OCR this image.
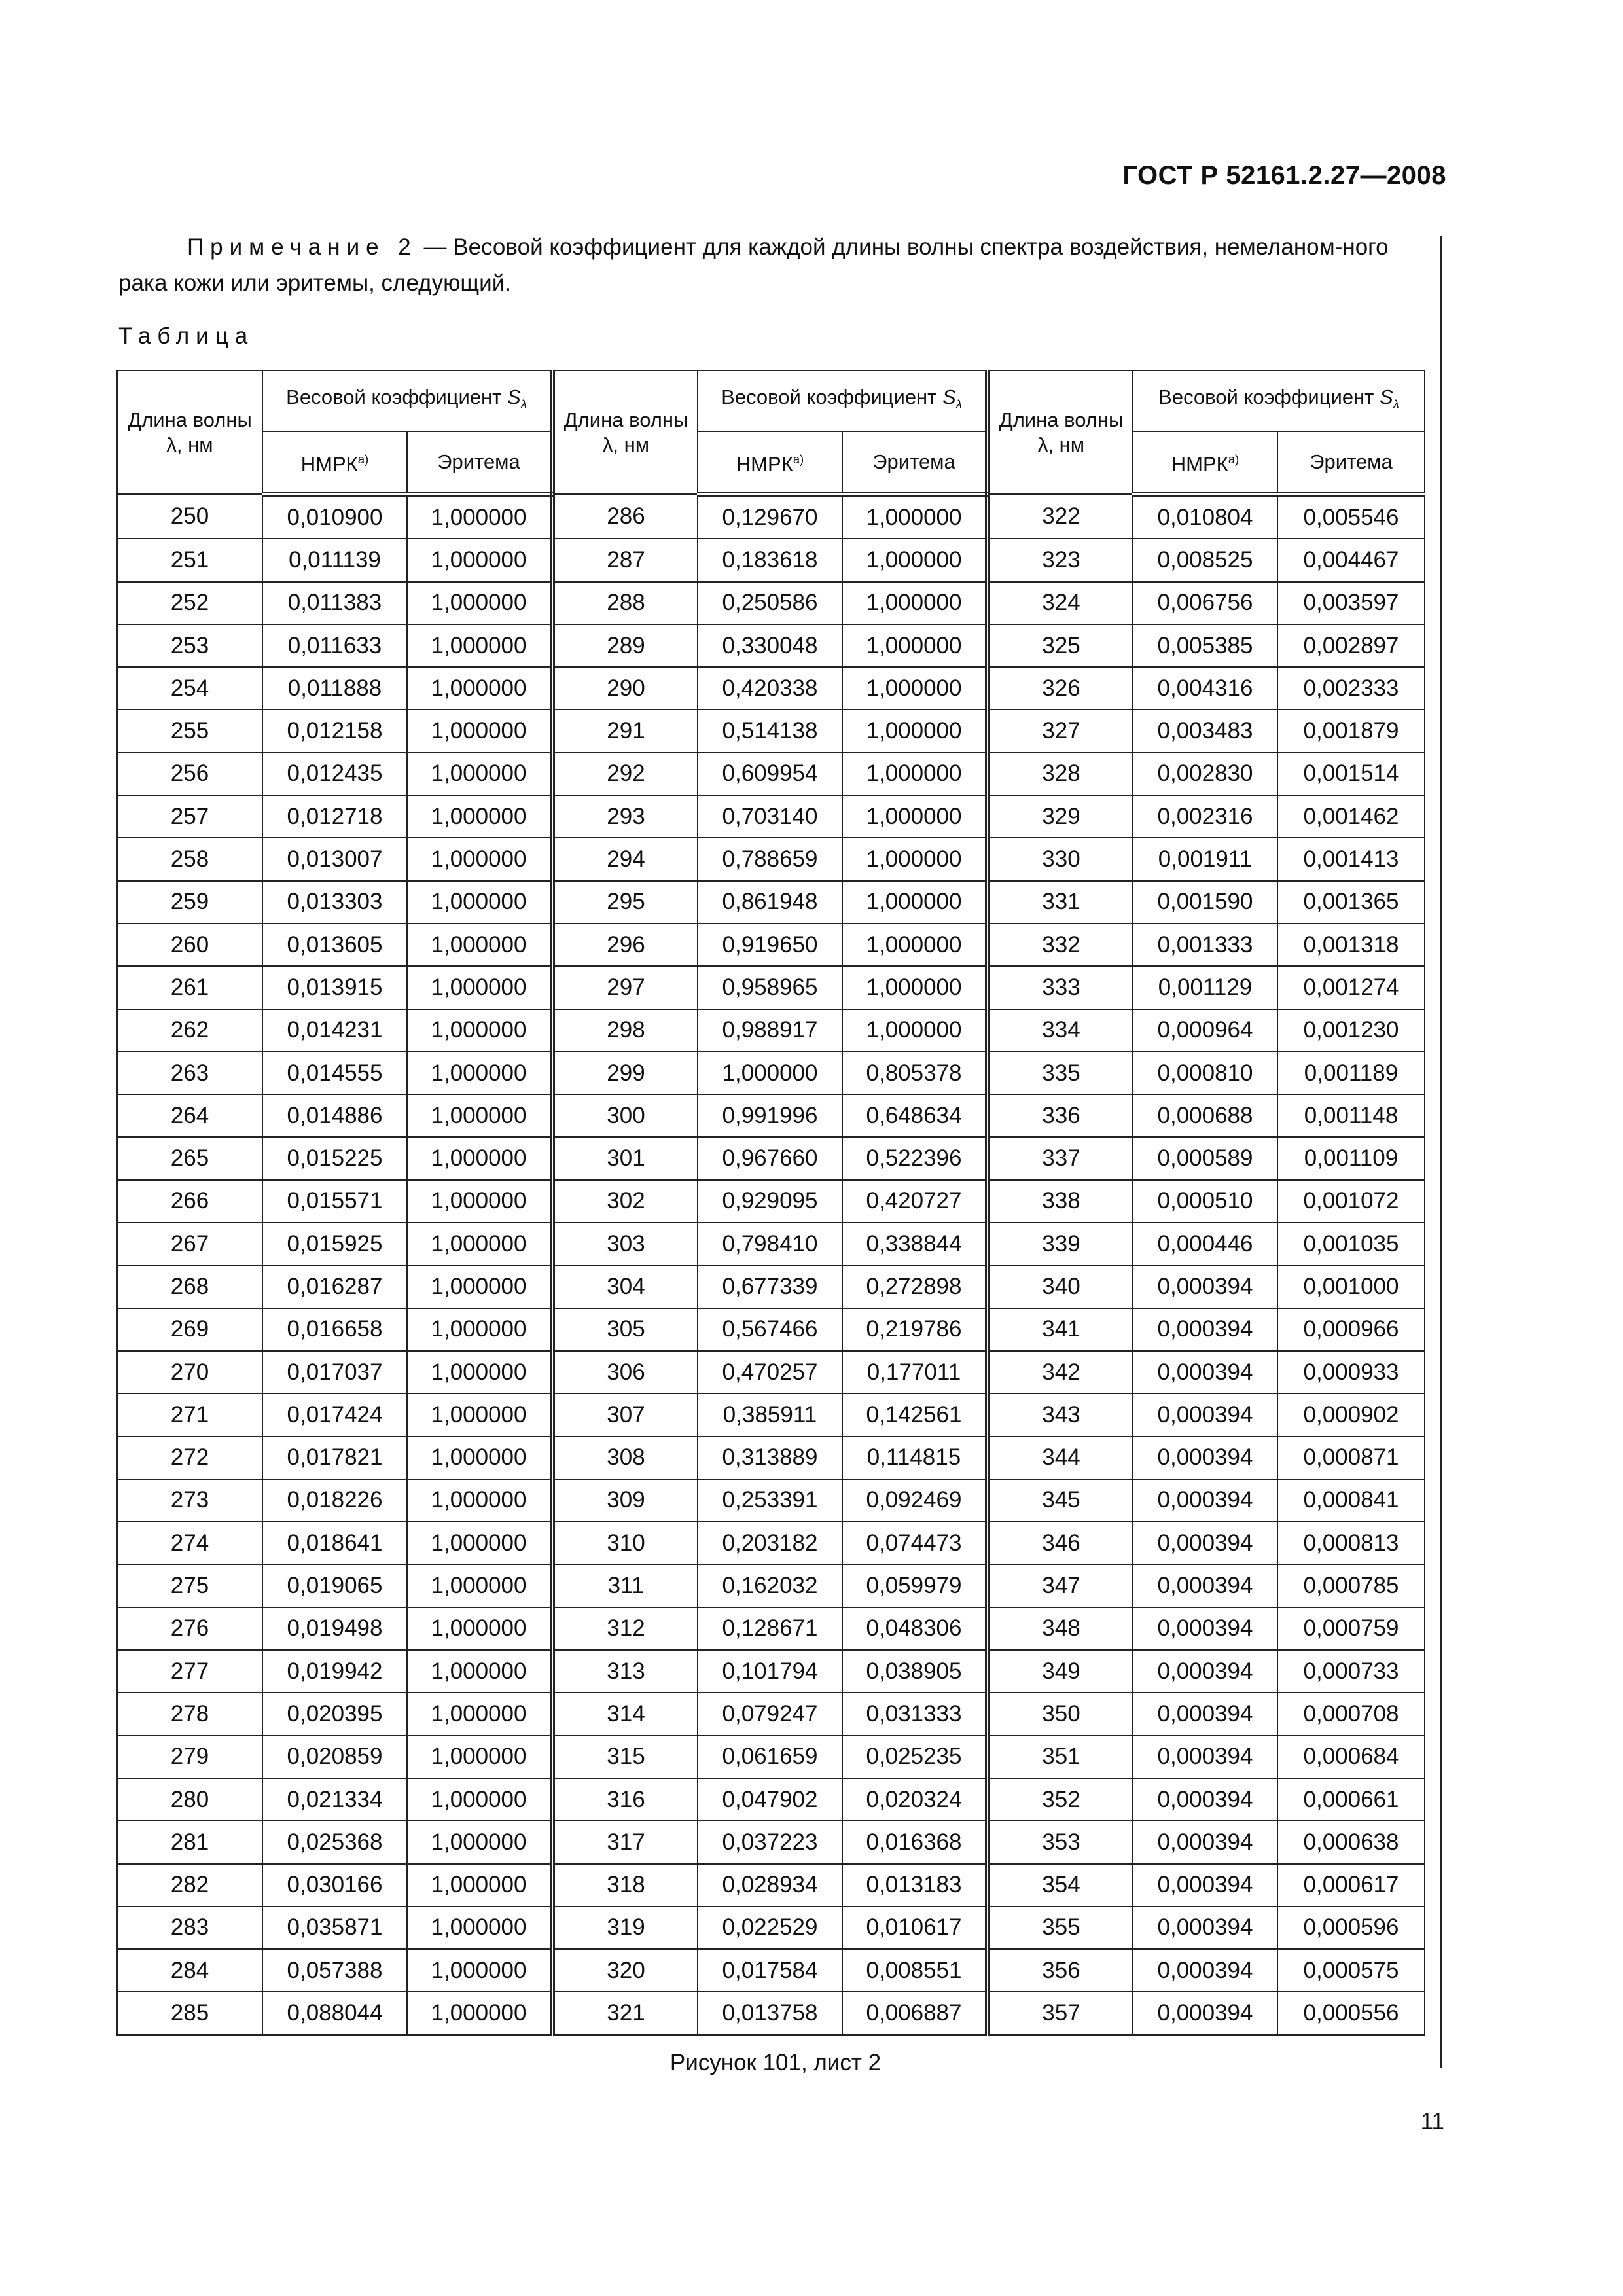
ГОСТ Р 52161.2.27—2008
Примечание 2 — Весовой коэффициент для каждой длины волны спектра воздействия, немеланом-ного рака кожи или эритемы, следующий.
Таблица
Длина волны λ, нм	Весовой коэффициент $S_\lambda$		Длина волны λ, нм	Весовой коэффициент $S_\lambda$		Длина волны λ, нм	Весовой коэффициент $S_\lambda$
	$НМРК^{а)}$	Эритема		$НМРК^{а)}$	Эритема		$НМРК^{а)}$	Эритема
250	0,010900	1,000000	286	0,129670	1,000000	322	0,010804	0,005546
251	0,011139	1,000000	287	0,183618	1,000000	323	0,008525	0,004467
252	0,011383	1,000000	288	0,250586	1,000000	324	0,006756	0,003597
253	0,011633	1,000000	289	0,330048	1,000000	325	0,005385	0,002897
254	0,011888	1,000000	290	0,420338	1,000000	326	0,004316	0,002333
255	0,012158	1,000000	291	0,514138	1,000000	327	0,003483	0,001879
256	0,012435	1,000000	292	0,609954	1,000000	328	0,002830	0,001514
257	0,012718	1,000000	293	0,703140	1,000000	329	0,002316	0,001462
258	0,013007	1,000000	294	0,788659	1,000000	330	0,001911	0,001413
259	0,013303	1,000000	295	0,861948	1,000000	331	0,001590	0,001365
260	0,013605	1,000000	296	0,919650	1,000000	332	0,001333	0,001318
261	0,013915	1,000000	297	0,958965	1,000000	333	0,001129	0,001274
262	0,014231	1,000000	298	0,988917	1,000000	334	0,000964	0,001230
263	0,014555	1,000000	299	1,000000	0,805378	335	0,000810	0,001189
264	0,014886	1,000000	300	0,991996	0,648634	336	0,000688	0,001148
265	0,015225	1,000000	301	0,967660	0,522396	337	0,000589	0,001109
266	0,015571	1,000000	302	0,929095	0,420727	338	0,000510	0,001072
267	0,015925	1,000000	303	0,798410	0,338844	339	0,000446	0,001035
268	0,016287	1,000000	304	0,677339	0,272898	340	0,000394	0,001000
269	0,016658	1,000000	305	0,567466	0,219786	341	0,000394	0,000966
270	0,017037	1,000000	306	0,470257	0,177011	342	0,000394	0,000933
271	0,017424	1,000000	307	0,385911	0,142561	343	0,000394	0,000902
272	0,017821	1,000000	308	0,313889	0,114815	344	0,000394	0,000871
273	0,018226	1,000000	309	0,253391	0,092469	345	0,000394	0,000841
274	0,018641	1,000000	310	0,203182	0,074473	346	0,000394	0,000813
275	0,019065	1,000000	311	0,162032	0,059979	347	0,000394	0,000785
276	0,019498	1,000000	312	0,128671	0,048306	348	0,000394	0,000759
277	0,019942	1,000000	313	0,101794	0,038905	349	0,000394	0,000733
278	0,020395	1,000000	314	0,079247	0,031333	350	0,000394	0,000708
279	0,020859	1,000000	315	0,061659	0,025235	351	0,000394	0,000684
280	0,021334	1,000000	316	0,047902	0,020324	352	0,000394	0,000661
281	0,025368	1,000000	317	0,037223	0,016368	353	0,000394	0,000638
282	0,030166	1,000000	318	0,028934	0,013183	354	0,000394	0,000617
283	0,035871	1,000000	319	0,022529	0,010617	355	0,000394	0,000596
284	0,057388	1,000000	320	0,017584	0,008551	356	0,000394	0,000575
285	0,088044	1,000000	321	0,013758	0,006887	357	0,000394	0,000556
Рисунок 101, лист 2
11
